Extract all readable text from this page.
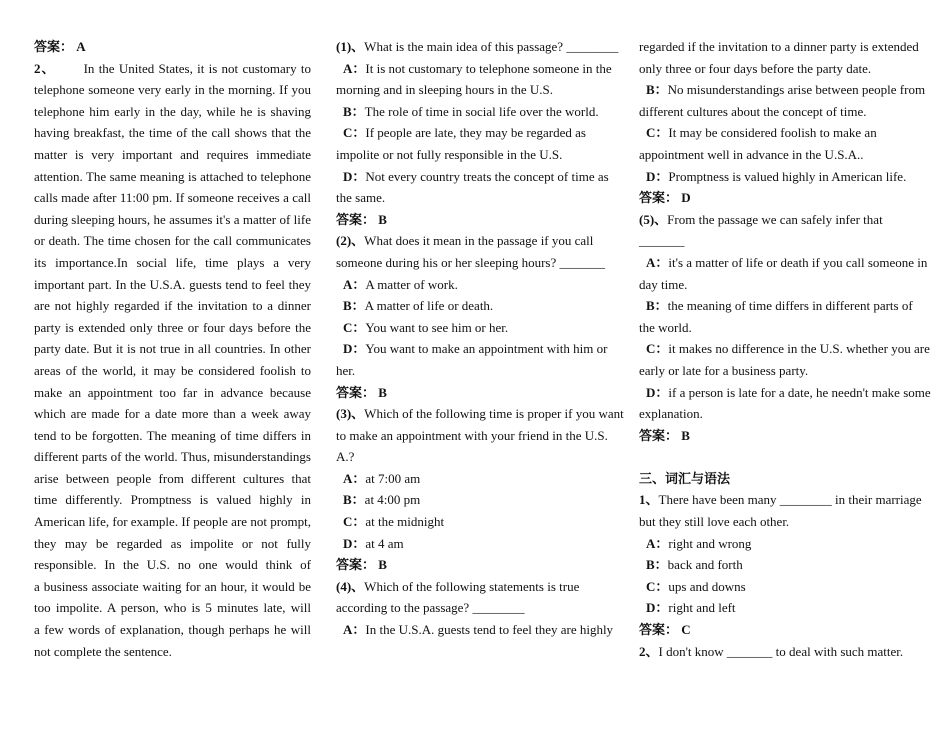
答案： A
2、 In the United States, it is not customary to
telephone someone very early in the morning. If you
telephone him early in the day, while he is shaving
having breakfast, the time of the call shows that the
matter is very important and requires immediate
attention. The same meaning is attached to telephone
calls made after 11:00 pm. If someone receives a call
during sleeping hours, he assumes it's a matter of life
or death. The time chosen for the call communicates
its importance.In social life, time plays a very
important part. In the U.S.A. guests tend to feel they
are not highly regarded if the invitation to a dinner
party is extended only three or four days before the
party date. But it is not true in all countries. In other
areas of the world, it may be considered foolish to
make an appointment too far in advance because
which are made for a date more than a week away
tend to be forgotten. The meaning of time differs in
different parts of the world. Thus, misunderstandings
arise between people from different cultures that
time differently. Promptness is valued highly in
American life, for example. If people are not prompt,
they may be regarded as impolite or not fully
responsible. In the U.S. no one would think of
a business associate waiting for an hour, it would be
too impolite. A person, who is 5 minutes late, will
a few words of explanation, though perhaps he will
not complete the sentence.
(1)、What is the main idea of this passage? ________
A：It is not customary to telephone someone in the
morning and in sleeping hours in the U.S.
B：The role of time in social life over the world.
C：If people are late, they may be regarded as
impolite or not fully responsible in the U.S.
D：Not every country treats the concept of time as
the same.
答案： B
(2)、What does it mean in the passage if you call
someone during his or her sleeping hours? _______
A：A matter of work.
B：A matter of life or death.
C：You want to see him or her.
D：You want to make an appointment with him or
her.
答案： B
(3)、Which of the following time is proper if you want
to make an appointment with your friend in the U.S.
A.?
A：at 7:00 am
B：at 4:00 pm
C：at the midnight
D：at 4 am
答案： B
(4)、Which of the following statements is true
according to the passage? ________
A：In the U.S.A. guests tend to feel they are highly
regarded if the invitation to a dinner party is extended
only three or four days before the party date.
B：No misunderstandings arise between people from
different cultures about the concept of time.
C：It may be considered foolish to make an
appointment well in advance in the U.S.A..
D：Promptness is valued highly in American life.
答案： D
(5)、From the passage we can safely infer that
_______
A：it's a matter of life or death if you call someone in
day time.
B：the meaning of time differs in different parts of
the world.
C：it makes no difference in the U.S. whether you are
early or late for a business party.
D：if a person is late for a date, he needn't make some
explanation.
答案： B
三、词汇与语法
1、There have been many ________ in their marriage
but they still love each other.
A：right and wrong
B：back and forth
C：ups and downs
D：right and left
答案： C
2、I don't know _______ to deal with such matter.
